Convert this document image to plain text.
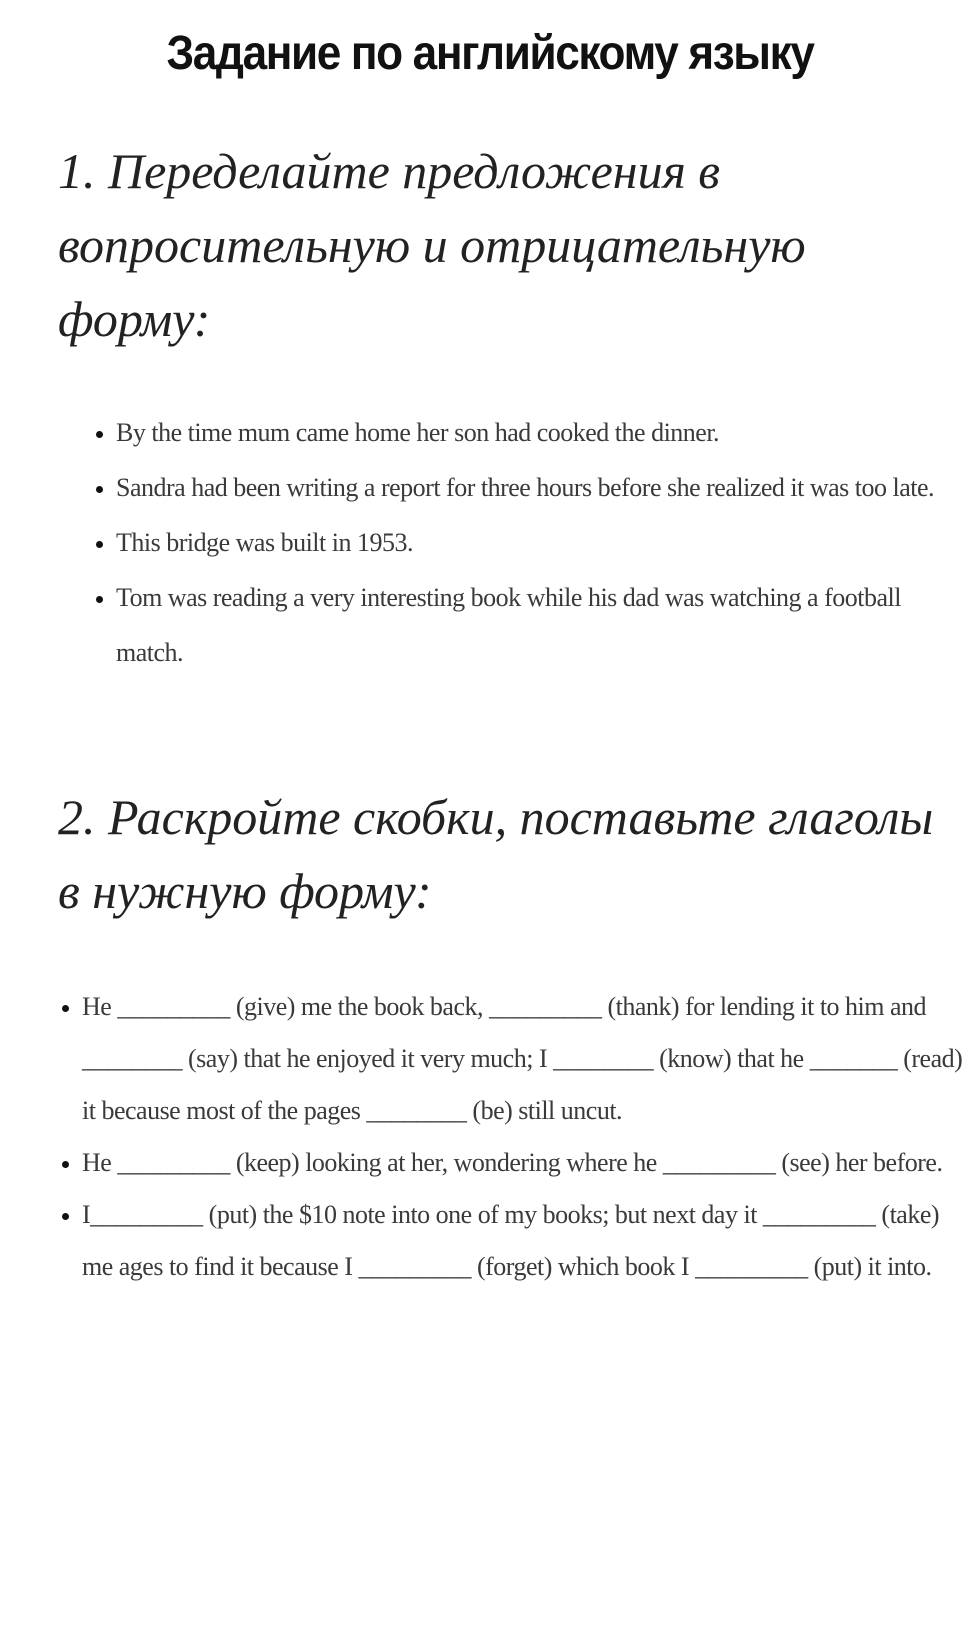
Задание по английскому языку
1. Переделайте предложения в вопросительную и отрицательную форму:
• By the time mum came home her son had cooked the dinner.
• Sandra had been writing a report for three hours before she realized it was too late.
• This bridge was built in 1953.
• Tom was reading a very interesting book while his dad was watching a football match.
2. Раскройте скобки, поставьте глаголы в нужную форму:
• He _________ (give) me the book back, _________ (thank) for lending it to him and ________ (say) that he enjoyed it very much; I ________ (know) that he _______ (read) it because most of the pages ________ (be) still uncut.
• He _________ (keep) looking at her, wondering where he _________ (see) her before.
• I_________ (put) the $10 note into one of my books; but next day it _________ (take) me ages to find it because I _________ (forget) which book I _________ (put) it into.
